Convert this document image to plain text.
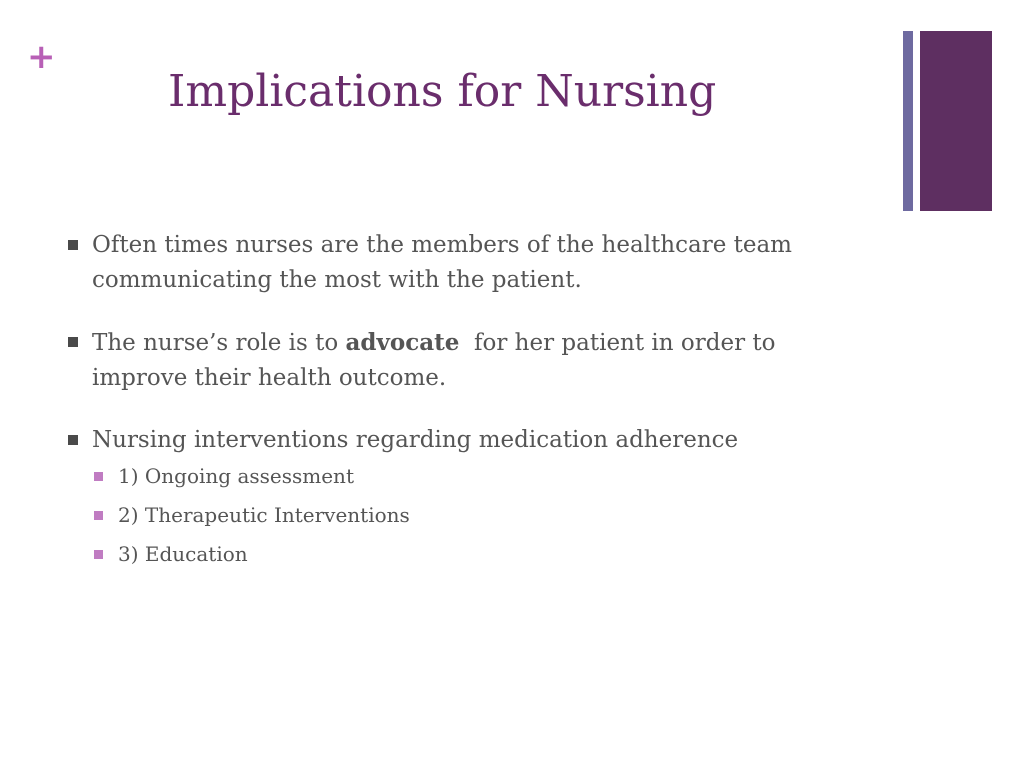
+
Implications for Nursing
Often times nurses are the members of the healthcare team communicating the most with the patient.
The nurse’s role is to advocate  for her patient in order to improve their health outcome.
Nursing interventions regarding medication adherence
1) Ongoing assessment
2) Therapeutic Interventions
3) Education
